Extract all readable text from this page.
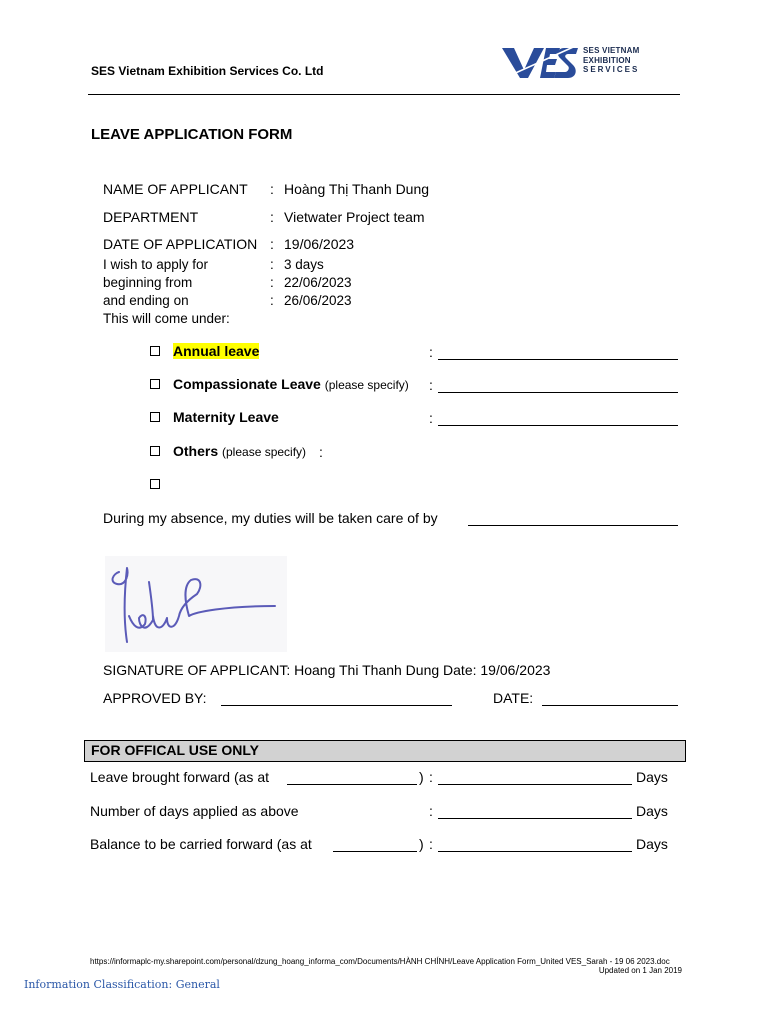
SES Vietnam Exhibition Services Co. Ltd
SES VIETNAM
EXHIBITION
SERVICES
LEAVE APPLICATION FORM
NAME OF APPLICANT : Hoàng Thị Thanh Dung
DEPARTMENT	: Vietwater Project team
DATE OF APPLICATION : 19/06/2023
I wish to apply for	: 3 days
beginning from	: 22/06/2023
and ending on	: 26/06/2023
This will come under:
Annual leave	:
Compassionate Leave (please specify) :
Maternity Leave	:
Others (please specify) :
During my absence, my duties will be taken care of by
SIGNATURE OF APPLICANT: Hoang Thi Thanh Dung Date: 19/06/2023
APPROVED BY:	DATE:
FOR OFFICAL USE ONLY
Leave brought forward (as at	) :	Days
Number of days applied as above	:	Days
Balance to be carried forward (as at	) :	Days
https://informaplc-my.sharepoint.com/personal/dzung_hoang_informa_com/Documents/HÀNH CHÍNH/Leave Application Form_United VES_Sarah - 19 06 2023.doc
Updated on 1 Jan 2019
Information Classification: General
